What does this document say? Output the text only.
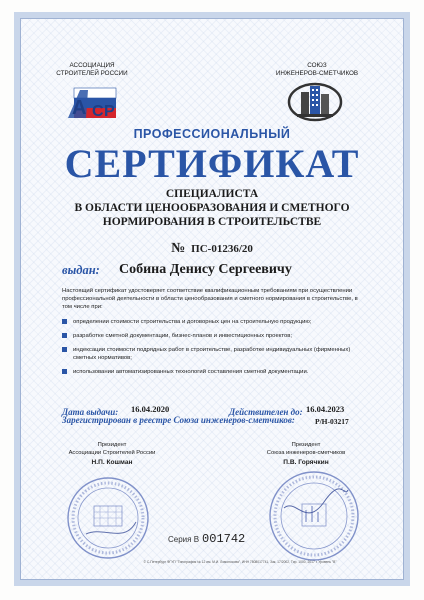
АССОЦИАЦИЯ
СТРОИТЕЛЕЙ РОССИИ
А С Р
СОЮЗ
ИНЖЕНЕРОВ-СМЕТЧИКОВ
ПРОФЕССИОНАЛЬНЫЙ
СЕРТИФИКАТ
СПЕЦИАЛИСТА
В ОБЛАСТИ ЦЕНООБРАЗОВАНИЯ И СМЕТНОГО
НОРМИРОВАНИЯ В СТРОИТЕЛЬСТВЕ
№ ПС-01236/20
выдан: Собина Денису Сергеевичу
Настоящий сертификат удостоверяет соответствие квалификационным требованиям при осуществлении профессиональной деятельности в области ценообразования и сметного нормирования в строительстве, в том числе при:
определении стоимости строительства и договорных цен на строительную продукцию;
разработке сметной документации, бизнес-планов и инвестиционных проектов;
индексации стоимости подрядных работ в строительстве, разработке индивидуальных (фирменных) сметных нормативов;
использовании автоматизированных технологий составления сметной документации.
Дата выдачи: 16.04.2020	Действителен до: 16.04.2023
Зарегистрирован в реестре Союза инженеров-сметчиков:	Р/Н-03217
Президент
Ассоциации Строителей России
Н.П. Кошман
Президент
Союза инженеров-сметчиков
П.В. Горячкин
Серия В 001742
© С-Петербург ФГУП "Типография № 12 им. М.И. Ломоносова", ИНН 7808017741, Зак. 17/2002, Тир. 1000, 2017 г. Уровень "В"
